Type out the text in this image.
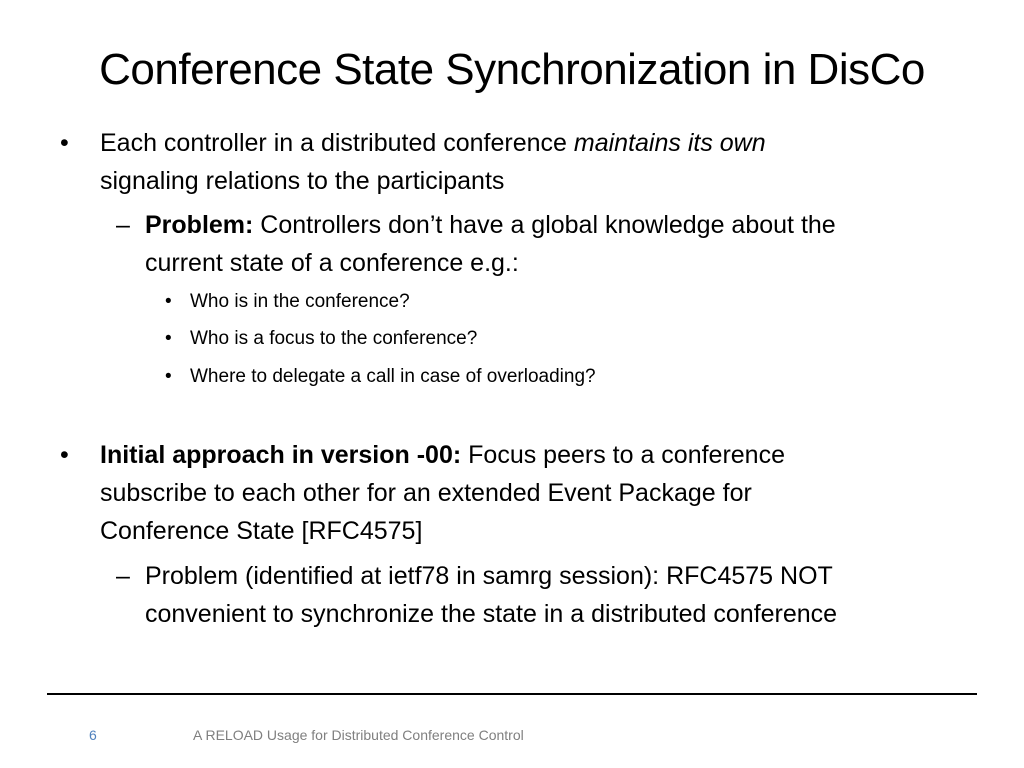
Conference State Synchronization in DisCo
• Each controller in a distributed conference maintains its own
signaling relations to the participants
– Problem: Controllers don’t have a global knowledge about the
current state of a conference e.g.:
• Who is in the conference?
• Who is a focus to the conference?
• Where to delegate a call in case of overloading?
• Initial approach in version -00: Focus peers to a conference
subscribe to each other for an extended Event Package for
Conference State [RFC4575]
– Problem (identified at ietf78 in samrg session): RFC4575 NOT
convenient to synchronize the state in a distributed conference
6	A RELOAD Usage for Distributed Conference Control
